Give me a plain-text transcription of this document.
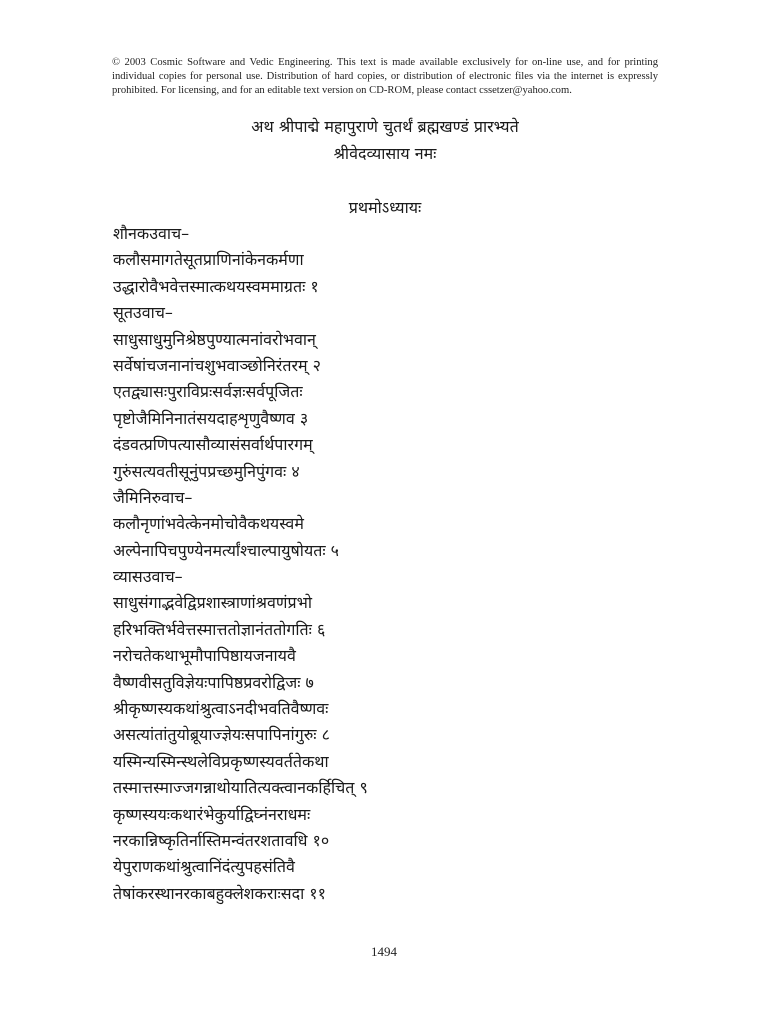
© 2003 Cosmic Software and Vedic Engineering. This text is made available exclusively for on-line use, and for printing individual copies for personal use. Distribution of hard copies, or distribution of electronic files via the internet is expressly prohibited. For licensing, and for an editable text version on CD-ROM, please contact cssetzer@yahoo.com.

अथ श्रीपाद्मे महापुराणे चुतर्थं ब्रह्मखण्डं प्रारभ्यते
श्रीवेदव्यासाय नमः
प्रथमोऽध्यायः
शौनकउवाच–
कलौसमागतेसूतप्राणिनांकेनकर्मणा
उद्धारोवैभवेत्तस्मात्कथयस्वममाग्रतः १
सूतउवाच–
साधुसाधुमुनिश्रेष्ठपुण्यात्मनांवरोभवान्
सर्वेषांचजनानांचशुभवाञ्छोनिरंतरम् २
एतद्व्यासःपुराविप्रःसर्वज्ञःसर्वपूजितः
पृष्टोजैमिनिनातंसयदाहशृणुवैष्णव ३
दंडवत्प्रणिपत्यासौव्यासंसर्वार्थपारगम्
गुरुंसत्यवतीसूनुंपप्रच्छमुनिपुंगवः ४
जैमिनिरुवाच–
कलौनृणांभवेत्केनमोचोवैकथयस्वमे
अल्पेनापिचपुण्येनमर्त्यांश्चाल्पायुषोयतः ५
व्यासउवाच–
साधुसंगाद्भवेद्विप्रशास्त्राणांश्रवणंप्रभो
हरिभक्तिर्भवेत्तस्मात्ततोज्ञानंततोगतिः ६
नरोचतेकथाभूमौपापिष्ठायजनायवै
वैष्णवीसतुविज्ञेयःपापिष्ठप्रवरोद्विजः ७
श्रीकृष्णस्यकथांश्रुत्वाऽनदीभवतिवैष्णवः
असत्यांतांतुयोब्रूयाज्ज्ञेयःसपापिनांगुरुः ८
यस्मिन्यस्मिन्स्थलेविप्रकृष्णस्यवर्ततेकथा
तस्मात्तस्माज्जगन्नाथोयातित्यक्त्वानकर्हिचित् ९
कृष्णस्ययःकथारंभेकुर्याद्विघ्नंनराधमः
नरकान्निष्कृतिर्नास्तिमन्वंतरशतावधि १०
येपुराणकथांश्रुत्वानिंदंत्युपहसंतिवै
तेषांकरस्थानरकाबहुक्लेशकराःसदा ११
1494
